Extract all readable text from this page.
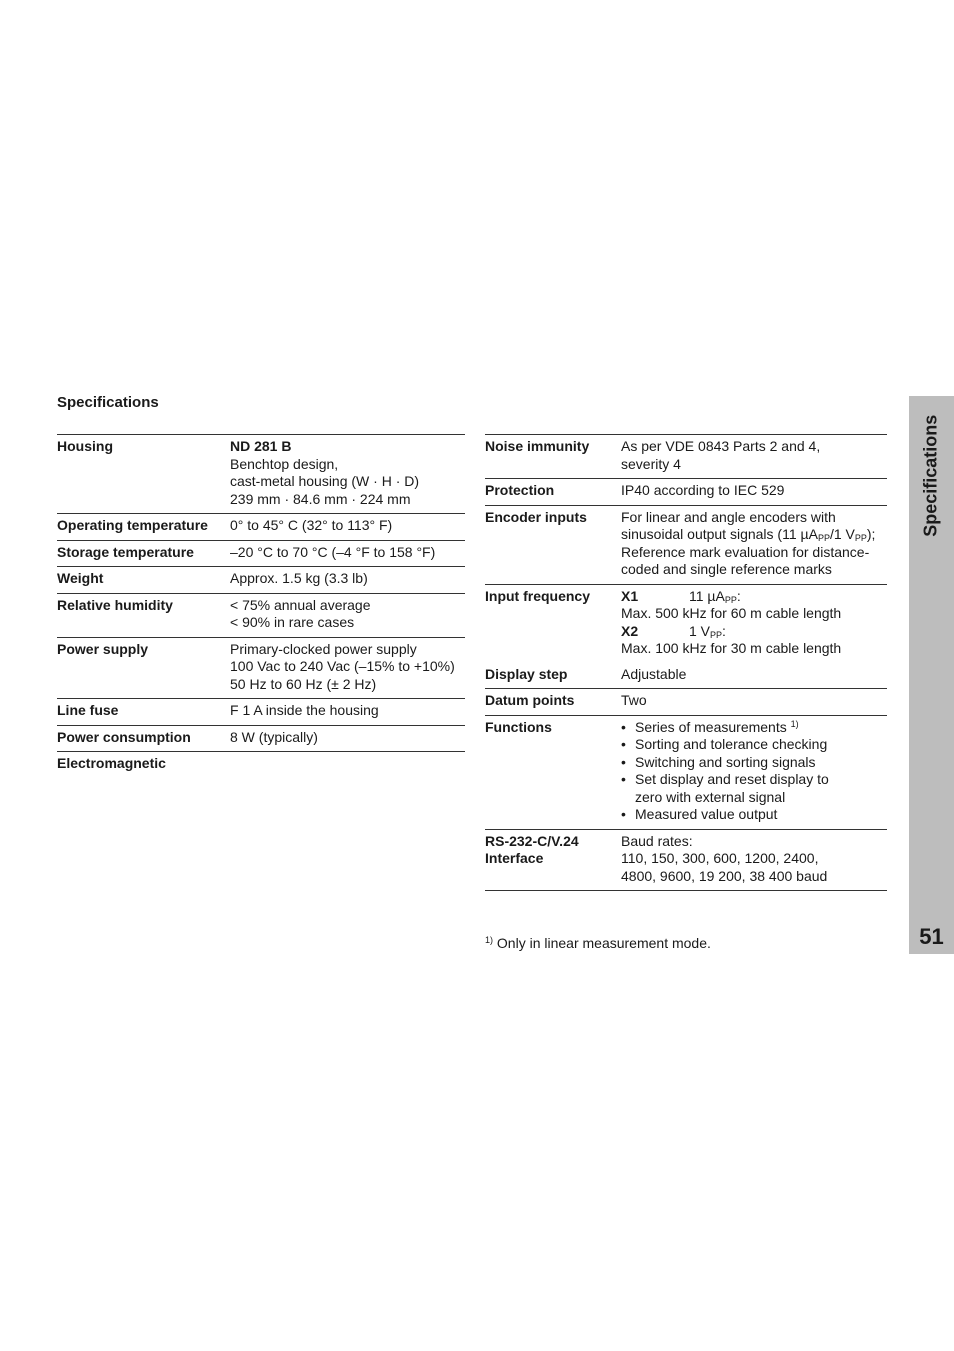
Specifications
Housing	ND 281 B
Benchtop design,
cast-metal housing (W · H · D)
239 mm · 84.6 mm · 224 mm
Operating temperature	0° to 45° C (32° to 113° F)
Storage temperature	–20 °C to 70 °C (–4 °F to 158 °F)
Weight	Approx. 1.5 kg (3.3 lb)
Relative humidity	< 75% annual average
< 90% in rare cases
Power supply	Primary-clocked power supply
100 Vac to 240 Vac (–15% to +10%)
50 Hz to 60 Hz (± 2 Hz)
Line fuse	F 1 A inside the housing
Power consumption	8 W (typically)
Electromagnetic
Noise immunity	As per VDE 0843 Parts 2 and 4,
severity 4
Protection	IP40 according to IEC 529
Encoder inputs	For linear and angle encoders with
sinusoidal output signals (11 µA$_{PP}$/1 $V_{PP}$);
Reference mark evaluation for distance-
coded and single reference marks
Input frequency	X1	11 µA$_{PP}$:
Max. 500 kHz for 60 m cable length
X2	1 $V_{PP}$:
Max. 100 kHz for 30 m cable length
Display step	Adjustable
Datum points	Two
Functions
•	Series of measurements $^{1)}$
• Sorting and tolerance checking
• Switching and sorting signals
• Set display and reset display to
zero with external signal
• Measured value output
RS-232-C/V.24
Interface
Baud rates:
110, 150, 300, 600, 1200, 2400,
4800, 9600, 19 200, 38 400 baud
$^{1)}$ Only in linear measurement mode.
Specifications
51
